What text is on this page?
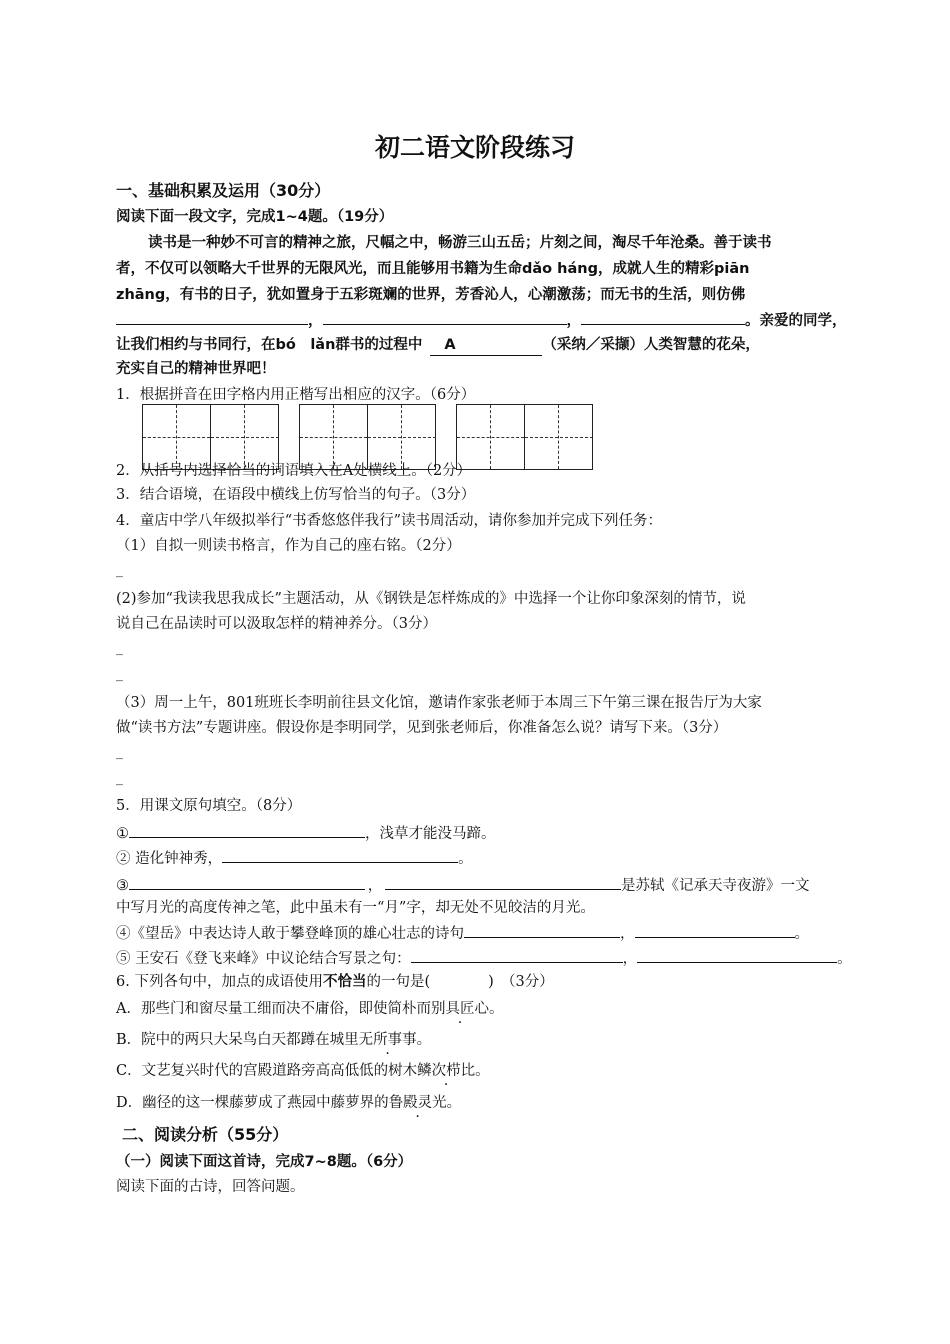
初二语文阶段练习
一、基础积累及运用（30分）
阅读下面一段文字，完成1~4题。（19分）
读书是一种妙不可言的精神之旅，尺幅之中，畅游三山五岳；片刻之间，淘尽千年沧桑。善于读书
者，不仅可以领略大千世界的无限风光，而且能够用书籍为生命dǎo háng，成就人生的精彩piān
zhāng，有书的日子，犹如置身于五彩斑斓的世界，芳香沁人，心潮激荡；而无书的生活，则仿佛
，	，	。亲爱的同学，
让我们相约与书同行，在bó　lǎn群书的过程中 A	（采纳／采撷）人类智慧的花朵，
充实自己的精神世界吧！
1．根据拼音在田字格内用正楷写出相应的汉字。（6分）
2．从括号内选择恰当的词语填入在A处横线上。（2分）
3．结合语境，在语段中横线上仿写恰当的句子。（3分）
4．童店中学八年级拟举行“书香悠悠伴我行”读书周活动，请你参加并完成下列任务：
（1）自拟一则读书格言，作为自己的座右铭。（2分）
_
(2)参加“我读我思我成长”主题活动，从《钢铁是怎样炼成的》中选择一个让你印象深刻的情节，说
说自己在品读时可以汲取怎样的精神养分。（3分）
_
_
（3）周一上午，801班班长李明前往县文化馆，邀请作家张老师于本周三下午第三课在报告厅为大家
做“读书方法”专题讲座。假设你是李明同学，见到张老师后，你准备怎么说？请写下来。（3分）
_
_
5．用课文原句填空。（8分）
①	，浅草才能没马蹄。
② 造化钟神秀，	。
③	，	是苏轼《记承天寺夜游》一文
中写月光的高度传神之笔，此中虽未有一“月”字，却无处不见皎洁的月光。
④《望岳》中表达诗人敢于攀登峰顶的雄心壮志的诗句	，	。
⑤ 王安石《登飞来峰》中议论结合写景之句：	，	。
6. 下列各句中，加点的成语使用不恰当的一句是(　　　　)　（3分）
A．那些门和窗尽量工细而决不庸俗，即使简朴而别具匠心。
B．院中的两只大呆鸟白天都蹲在城里无所事事。
C．文艺复兴时代的宫殿道路旁高高低低的树木鳞次栉比。
D．幽径的这一棵藤萝成了燕园中藤萝界的鲁殿灵光。
二、阅读分析（55分）
（一）阅读下面这首诗，完成7~8题。（6分）
阅读下面的古诗，回答问题。
